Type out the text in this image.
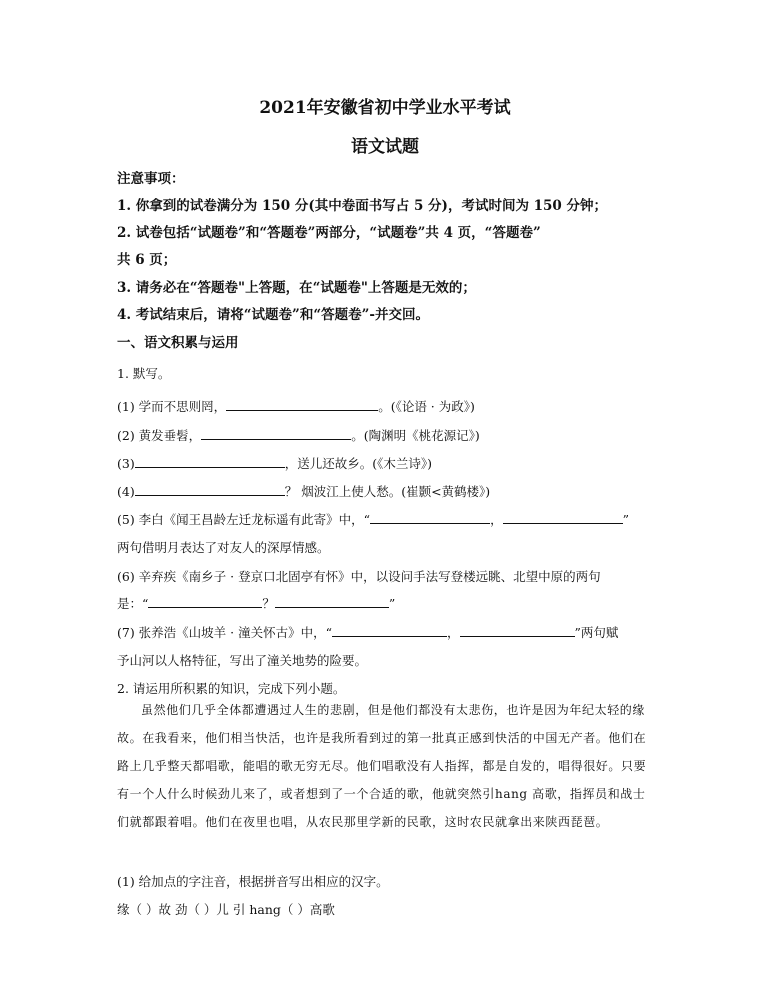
2021年安徽省初中学业水平考试
语文试题
注意事项：
1. 你拿到的试卷满分为 150 分(其中卷面书写占 5 分)，考试时间为 150 分钟；
2. 试卷包括“试题卷”和“答题卷”两部分，“试题卷”共 4 页，“答题卷”
共 6 页；
3. 请务必在“答题卷"上答题，在“试题卷"上答题是无效的；
4. 考试结束后，请将“试题卷”和“答题卷”-并交回。
一、语文积累与运用
1. 默写。
(1) 学而不思则罔，	。(《论语 · 为政》)
(2) 黄发垂髫，	。(陶渊明《桃花源记》)
(3)	，送儿还故乡。(《木兰诗》)
(4)	？ 烟波江上使人愁。(崔颢<黄鹤楼》)
(5) 李白《闻王昌龄左迁龙标遥有此寄》中，“	，	”
两句借明月表达了对友人的深厚情感。
(6) 辛弃疾《南乡子 · 登京口北固亭有怀》中，以设问手法写登楼远眺、北望中原的两句
是：“	？	”
(7) 张养浩《山坡羊 · 潼关怀古》中，“	，	”两句赋
予山河以人格特征，写出了潼关地势的险要。
2. 请运用所积累的知识，完成下列小题。
虽然他们几乎全体都遭遇过人生的悲剧，但是他们都没有太悲伤，也许是因为年纪太轻的缘故。在我看来，他们相当快活，也许是我所看到过的第一批真正感到快活的中国无产者。他们在路上几乎整天都唱歌，能唱的歌无穷无尽。他们唱歌没有人指挥，都是自发的，唱得很好。只要有一个人什么时候劲儿来了，或者想到了一个合适的歌，他就突然引hang 高歌，指挥员和战士们就都跟着唱。他们在夜里也唱，从农民那里学新的民歌，这时农民就拿出来陕西琵琶。
(1) 给加点的字注音，根据拼音写出相应的汉字。
缘（ ）故 劲（ ）儿 引 hang（ ）高歌
